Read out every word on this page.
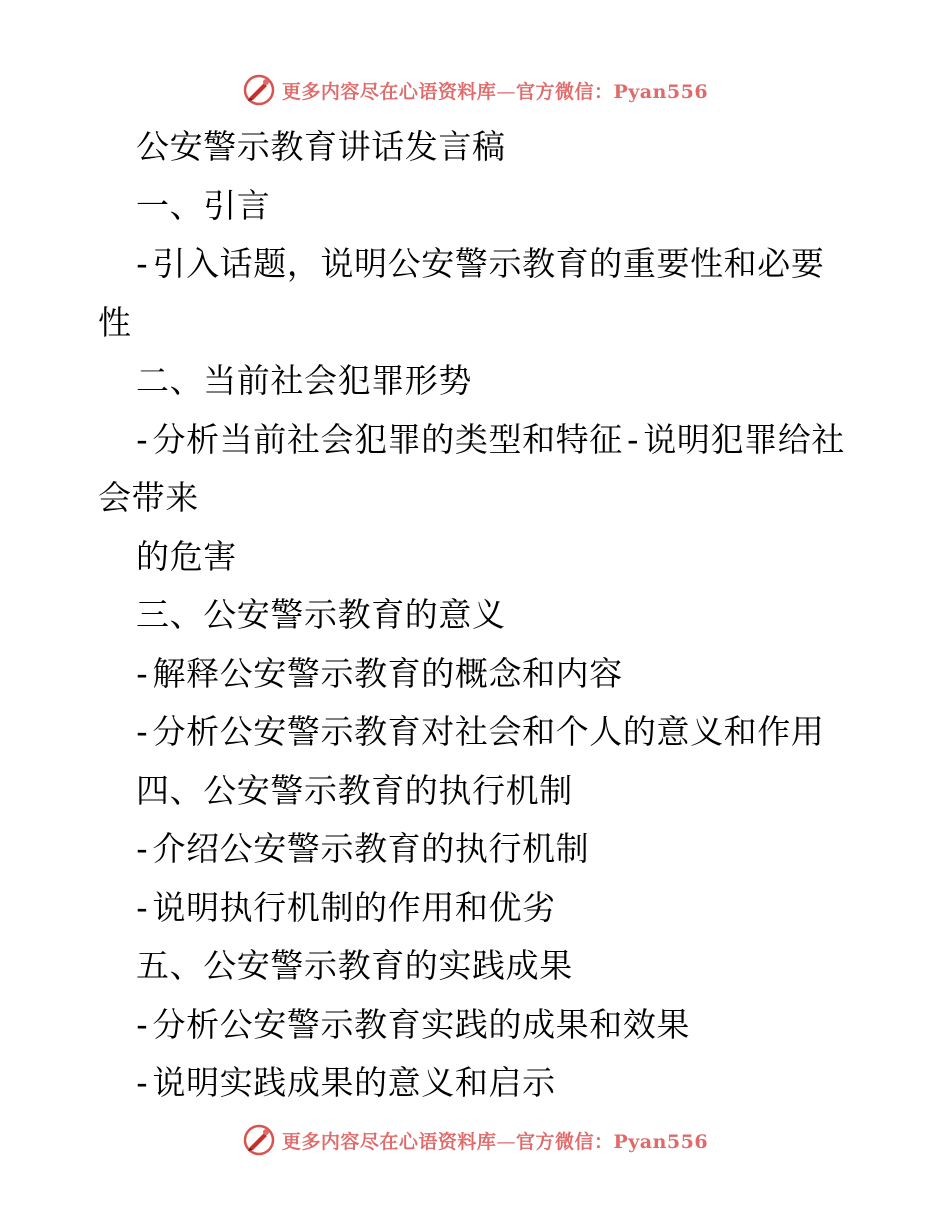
更多内容尽在心语资料库—官方微信：Pyan556
公安警示教育讲话发言稿
一、引言
-引入话题，说明公安警示教育的重要性和必要
性
二、当前社会犯罪形势
-分析当前社会犯罪的类型和特征-说明犯罪给社
会带来
的危害
三、公安警示教育的意义
-解释公安警示教育的概念和内容
-分析公安警示教育对社会和个人的意义和作用
四、公安警示教育的执行机制
-介绍公安警示教育的执行机制
-说明执行机制的作用和优劣
五、公安警示教育的实践成果
-分析公安警示教育实践的成果和效果
-说明实践成果的意义和启示
更多内容尽在心语资料库—官方微信：Pyan556
